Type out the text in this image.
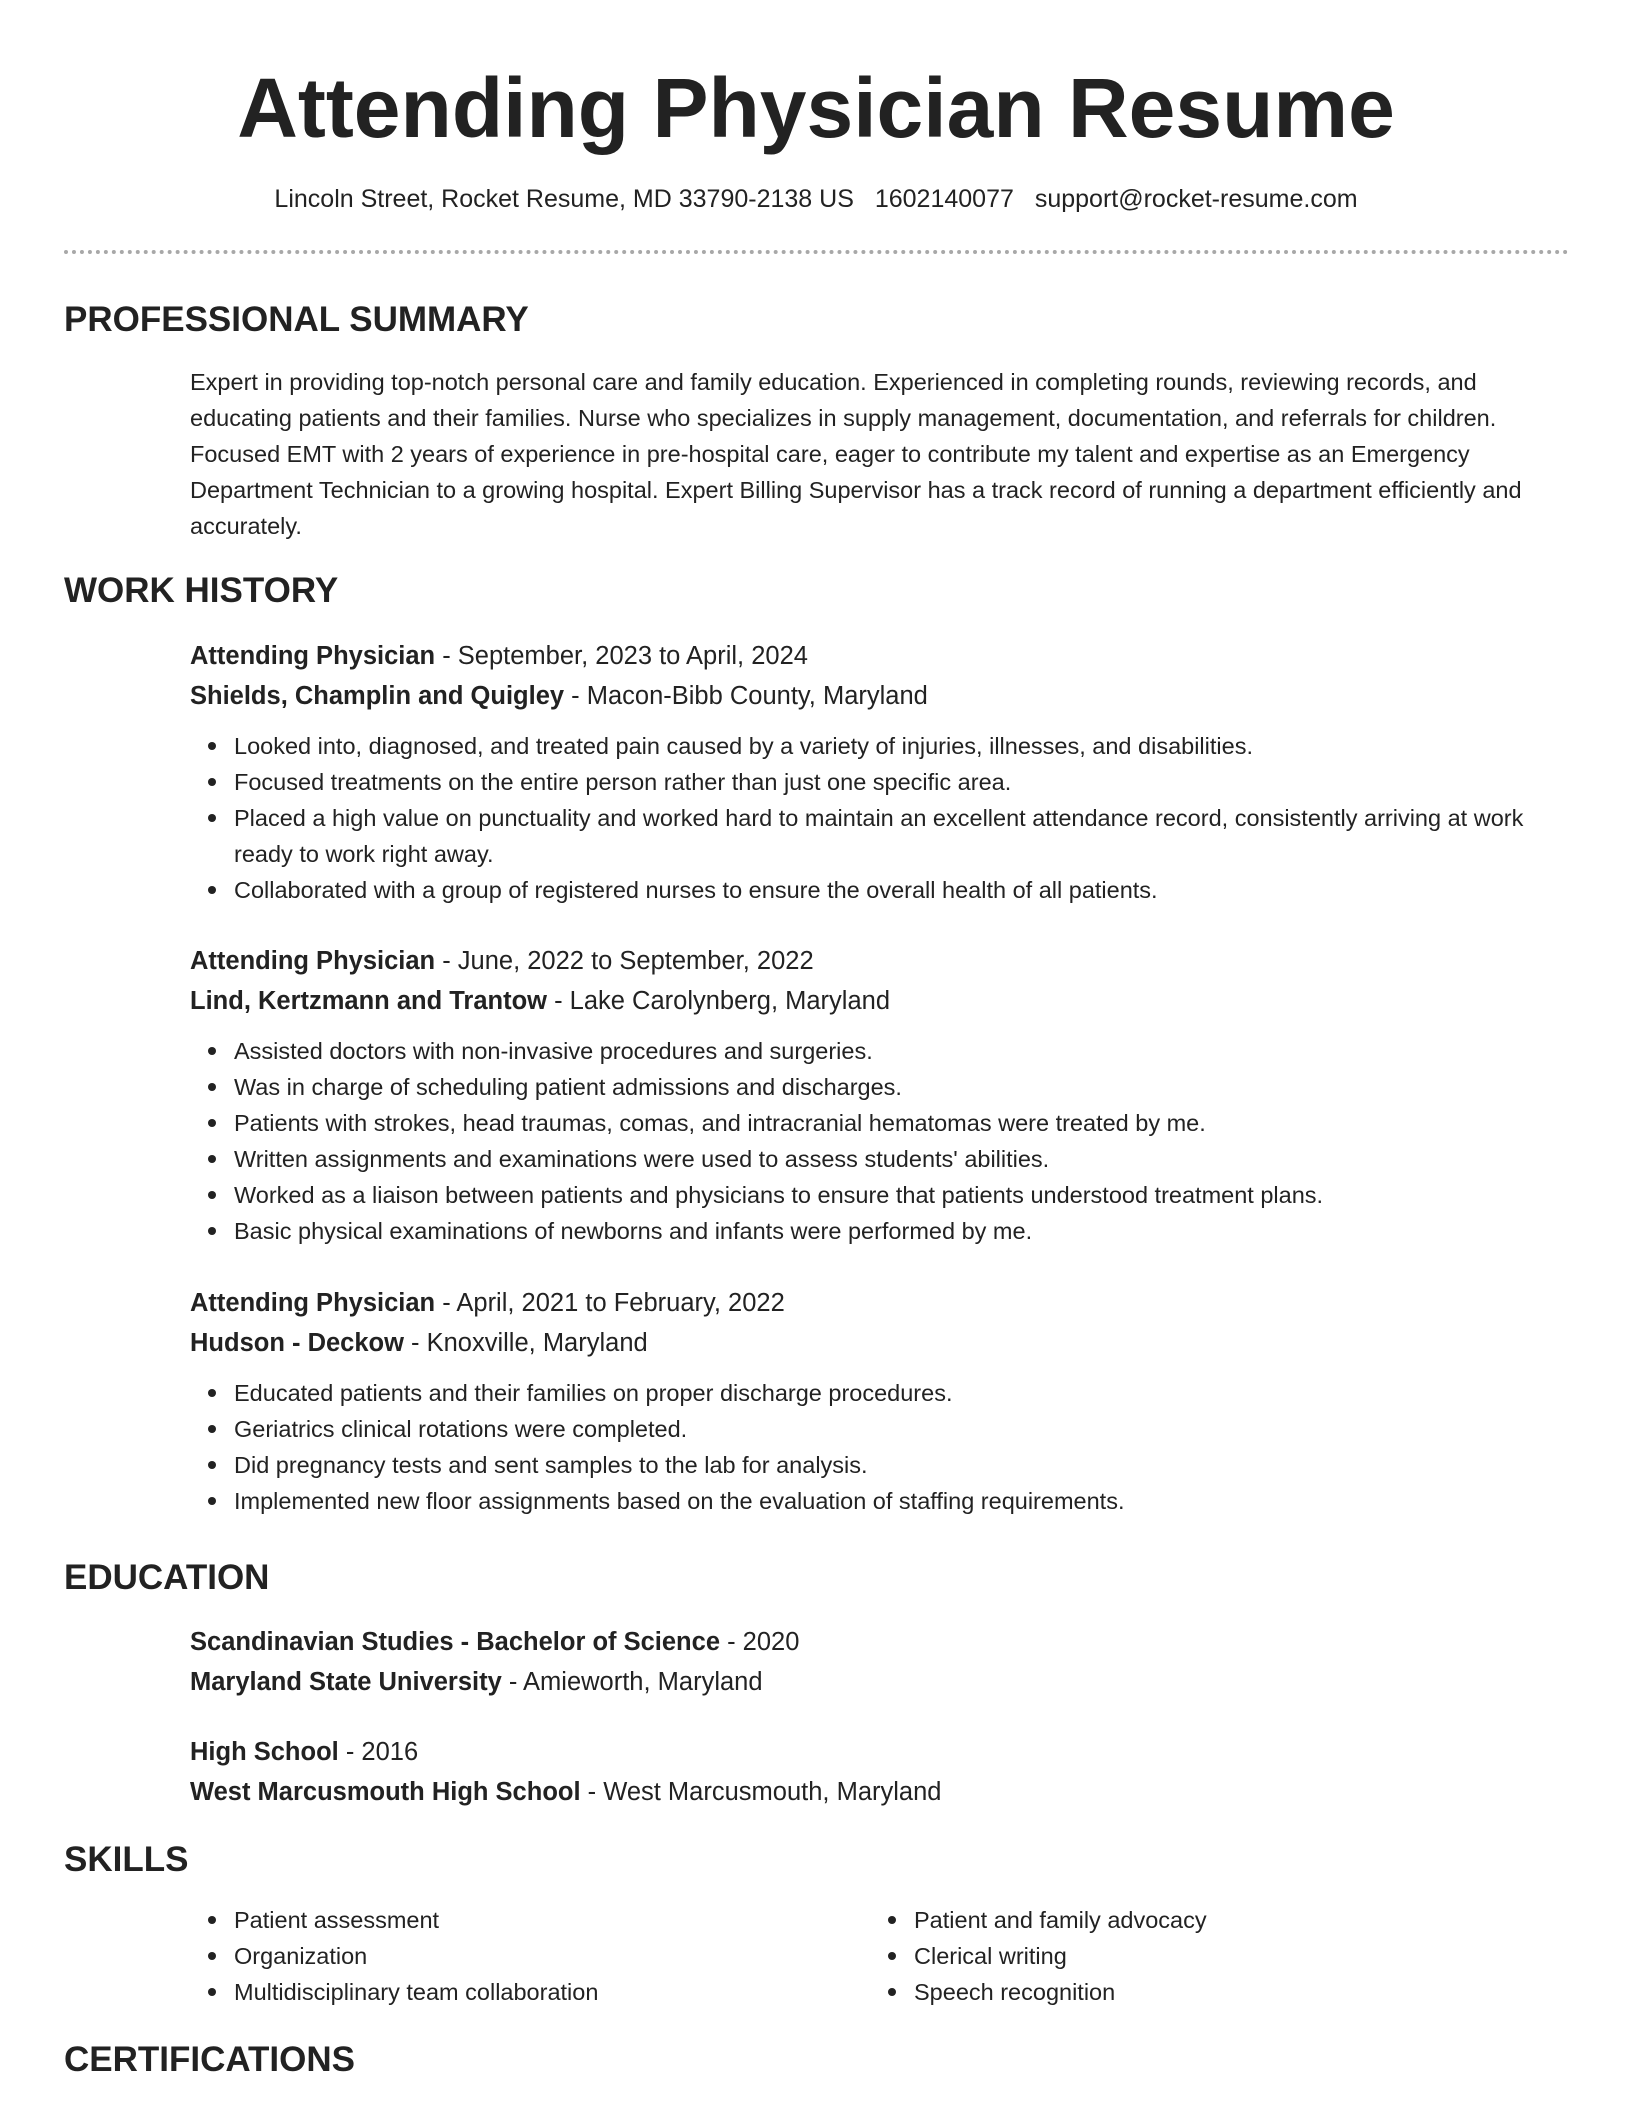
Attending Physician Resume
Lincoln Street, Rocket Resume, MD 33790-2138 US 1602140077 support@rocket-resume.com
PROFESSIONAL SUMMARY

Expert in providing top-notch personal care and family education. Experienced in completing rounds, reviewing records, and educating patients and their families. Nurse who specializes in supply management, documentation, and referrals for children. Focused EMT with 2 years of experience in pre-hospital care, eager to contribute my talent and expertise as an Emergency Department Technician to a growing hospital. Expert Billing Supervisor has a track record of running a department efficiently and accurately.

WORK HISTORY
Attending Physician - September, 2023 to April, 2024
Shields, Champlin and Quigley - Macon-Bibb County, Maryland
Looked into, diagnosed, and treated pain caused by a variety of injuries, illnesses, and disabilities.
Focused treatments on the entire person rather than just one specific area.
Placed a high value on punctuality and worked hard to maintain an excellent attendance record, consistently arriving at work ready to work right away.
Collaborated with a group of registered nurses to ensure the overall health of all patients.
Attending Physician - June, 2022 to September, 2022
Lind, Kertzmann and Trantow - Lake Carolynberg, Maryland
Assisted doctors with non-invasive procedures and surgeries.
Was in charge of scheduling patient admissions and discharges.
Patients with strokes, head traumas, comas, and intracranial hematomas were treated by me.
Written assignments and examinations were used to assess students' abilities.
Worked as a liaison between patients and physicians to ensure that patients understood treatment plans.
Basic physical examinations of newborns and infants were performed by me.
Attending Physician - April, 2021 to February, 2022
Hudson - Deckow - Knoxville, Maryland
Educated patients and their families on proper discharge procedures.
Geriatrics clinical rotations were completed.
Did pregnancy tests and sent samples to the lab for analysis.
Implemented new floor assignments based on the evaluation of staffing requirements.
EDUCATION
Scandinavian Studies - Bachelor of Science - 2020
Maryland State University - Amieworth, Maryland
High School - 2016
West Marcusmouth High School - West Marcusmouth, Maryland
SKILLS
Patient assessment
Organization
Multidisciplinary team collaboration
Patient and family advocacy
Clerical writing
Speech recognition
CERTIFICATIONS
